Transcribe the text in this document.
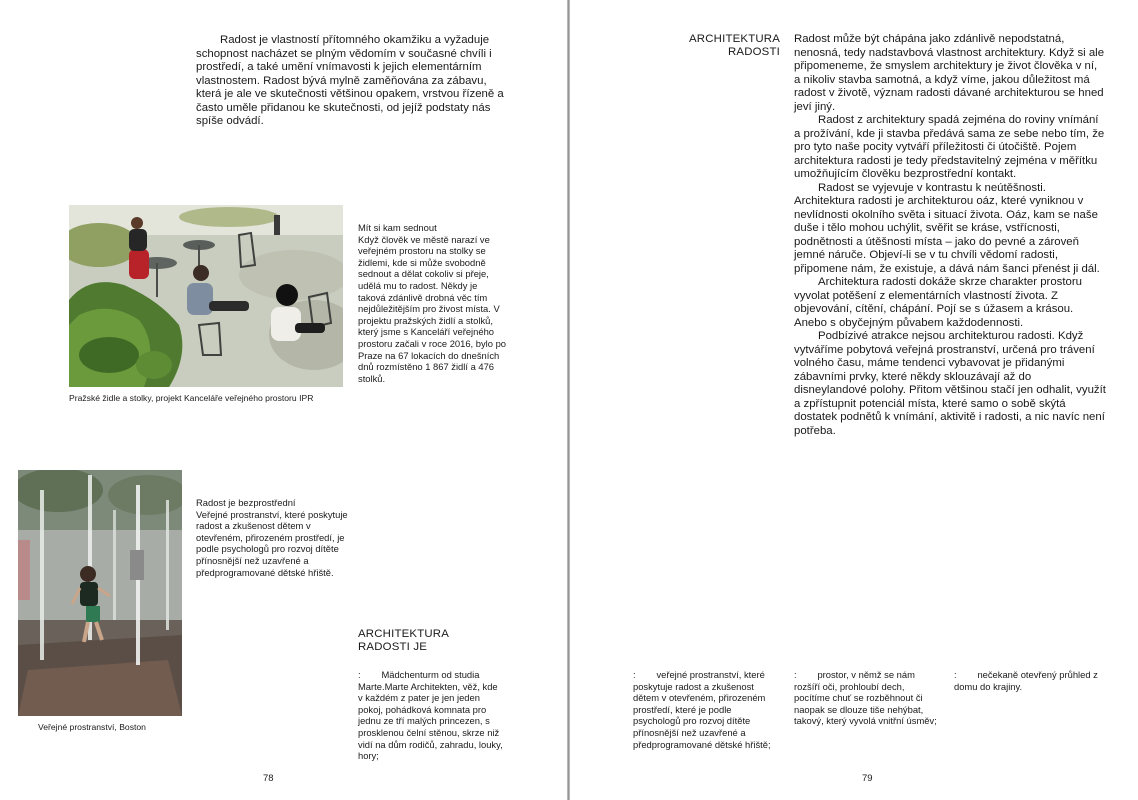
Radost je vlastností přítomného okamžiku a vyžaduje schopnost nacházet se plným vědomím v současné chvíli i prostředí, a také umění vnímavosti k jejich elementárním vlastnostem. Radost bývá mylně zaměňována za zábavu, která je ale ve skutečnosti většinou opakem, vrstvou řízeně a často uměle přidanou ke skutečnosti, od jejíž podstaty nás spíše odvádí.

Pražské židle a stolky, projekt Kanceláře veřejného prostoru IPR
Mít si kam sednout
Když člověk ve městě narazí ve veřejném prostoru na stolky se židlemi, kde si může svobodně sednout a dělat cokoliv si přeje, udělá mu to radost. Někdy je taková zdánlivě drobná věc tím nejdůležitějším pro živost místa. V projektu pražských židlí a stolků, který jsme s Kanceláří veřejného prostoru začali v roce 2016, bylo po Praze na 67 lokacích do dnešních dnů rozmístěno 1 867 židlí a 476 stolků.
Veřejné prostranství, Boston
Radost je bezprostřední
Veřejné prostranství, které poskytuje radost a zkušenost dětem v otevřeném, přirozeném prostředí, je podle psychologů pro rozvoj dítěte přínosnější než uzavřené a předprogramované dětské hřiště.
ARCHITEKTURA
RADOSTI JE
:        Mädchenturm od studia Marte.Marte Architekten, věž, kde v každém z pater je jen jeden pokoj, pohádková komnata pro jednu ze tří malých princezen, s prosklenou čelní stěnou, skrze niž vidí na dům rodičů, zahradu, louky, hory;
78
ARCHITEKTURA
RADOSTI

Radost může být chápána jako zdánlivě nepodstatná, nenosná, tedy nadstavbová vlastnost architektury. Když si ale připomeneme, že smyslem architektury je život člověka v ní, a nikoliv stavba samotná, a když víme, jakou důležitost má radost v životě, význam radosti dávané architekturou se hned jeví jiný.

Radost z architektury spadá zejména do roviny vnímání a prožívání, kde ji stavba předává sama ze sebe nebo tím, že pro tyto naše pocity vytváří příležitosti či útočiště. Pojem architektura radosti je tedy představitelný zejména v měřítku umožňujícím člověku bezprostřední kontakt.

Radost se vyjevuje v kontrastu k neútěšnosti. Architektura radosti je architekturou oáz, které vyniknou v nevlídnosti okolního světa i situací života. Oáz, kam se naše duše i tělo mohou uchýlit, svěřit se kráse, vstřícnosti, podnětnosti a útěšnosti místa – jako do pevné a zároveň jemné náruče. Objeví-li se v tu chvíli vědomí radosti, připomene nám, že existuje, a dává nám šanci přenést ji dál.

Architektura radosti dokáže skrze charakter prostoru vyvolat potěšení z elementárních vlastností života. Z objevování, cítění, chápání. Pojí se s úžasem a krásou. Anebo s obyčejným půvabem každodennosti.

Podbízivé atrakce nejsou architekturou radosti. Když vytváříme pobytová veřejná prostranství, určená pro trávení volného času, máme tendenci vybavovat je přidanými zábavními prvky, které někdy sklouzávají až do disneylandové polohy. Přitom většinou stačí jen odhalit, využít a zpřístupnit potenciál místa, které samo o sobě skýtá dostatek podnětů k vnímání, aktivitě i radosti, a nic navíc není potřeba.

:        veřejné prostranství, které poskytuje radost a zkušenost dětem v otevřeném, přirozeném prostředí, které je podle psychologů pro rozvoj dítěte přínosnější než uzavřené a předprogramované dětské hřiště;
:        prostor, v němž se nám rozšíří oči, prohloubí dech, pocítíme chuť se rozběhnout či naopak se dlouze tiše nehýbat, takový, který vyvolá vnitřní úsměv;
:        nečekaně otevřený průhled z domu do krajiny.
79
